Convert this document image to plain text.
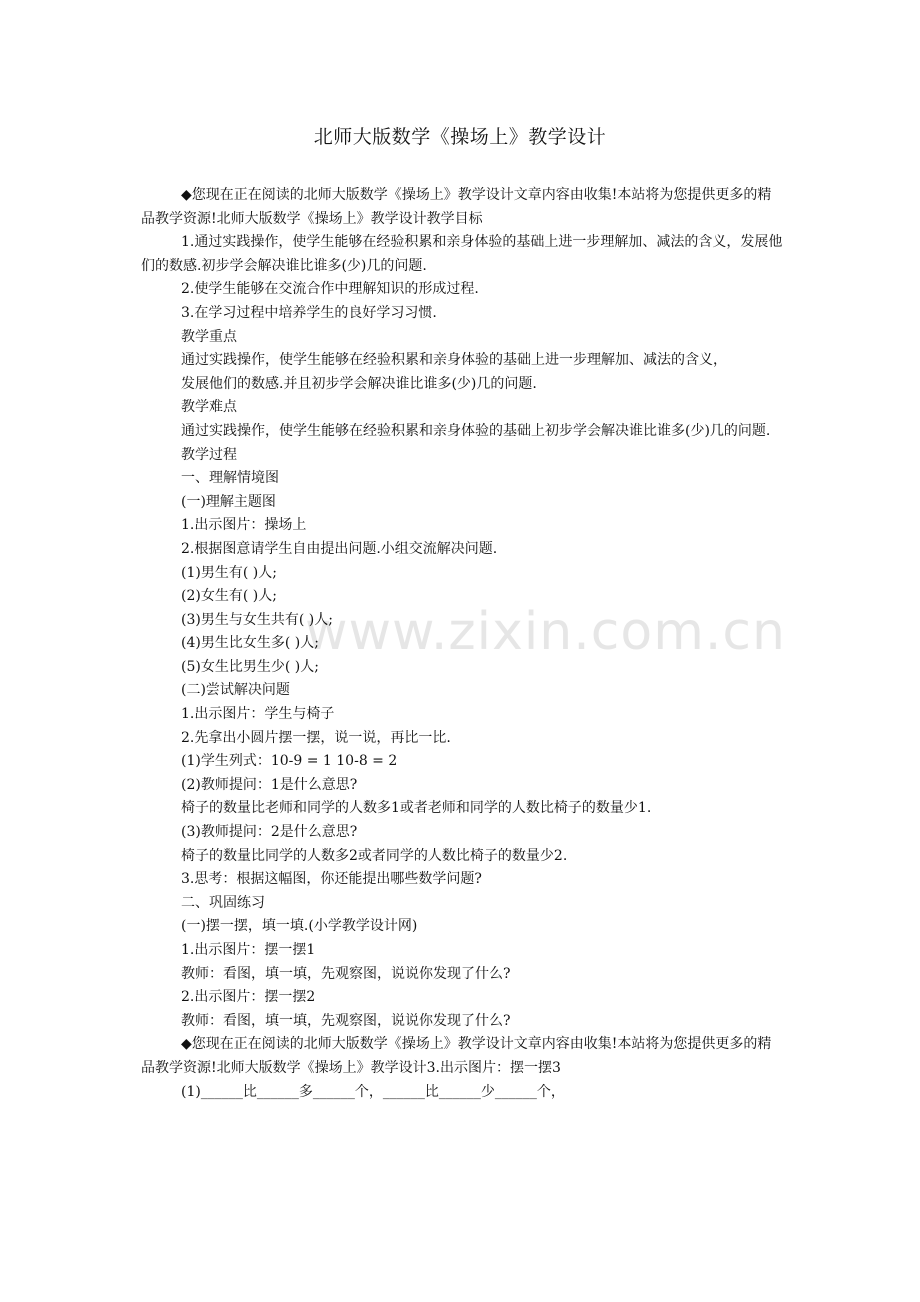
www.zixin.com.cn
北师大版数学《操场上》教学设计

◆您现在正在阅读的北师大版数学《操场上》教学设计文章内容由收集!本站将为您提供更多的精品教学资源!北师大版数学《操场上》教学设计教学目标

1.通过实践操作，使学生能够在经验积累和亲身体验的基础上进一步理解加、减法的含义，发展他们的数感.初步学会解决谁比谁多(少)几的问题.

2.使学生能够在交流合作中理解知识的形成过程.

3.在学习过程中培养学生的良好学习习惯.

教学重点

通过实践操作，使学生能够在经验积累和亲身体验的基础上进一步理解加、减法的含义，

发展他们的数感.并且初步学会解决谁比谁多(少)几的问题.

教学难点

通过实践操作，使学生能够在经验积累和亲身体验的基础上初步学会解决谁比谁多(少)几的问题.

教学过程

一、理解情境图

(一)理解主题图

1.出示图片：操场上

2.根据图意请学生自由提出问题.小组交流解决问题.

(1)男生有( )人;

(2)女生有( )人;

(3)男生与女生共有( )人;

(4)男生比女生多( )人;

(5)女生比男生少( )人;

(二)尝试解决问题

1.出示图片：学生与椅子

2.先拿出小圆片摆一摆，说一说，再比一比.

(1)学生列式：10-9 = 1 10-8 = 2

(2)教师提问：1是什么意思?

椅子的数量比老师和同学的人数多1或者老师和同学的人数比椅子的数量少1.

(3)教师提问：2是什么意思?

椅子的数量比同学的人数多2或者同学的人数比椅子的数量少2.

3.思考：根据这幅图，你还能提出哪些数学问题?

二、巩固练习

(一)摆一摆，填一填.(小学教学设计网)

1.出示图片：摆一摆1

教师：看图，填一填，先观察图，说说你发现了什么?

2.出示图片：摆一摆2

教师：看图，填一填，先观察图，说说你发现了什么?

◆您现在正在阅读的北师大版数学《操场上》教学设计文章内容由收集!本站将为您提供更多的精品教学资源!北师大版数学《操场上》教学设计3.出示图片：摆一摆3

(1)______比______多______个，______比______少______个，
